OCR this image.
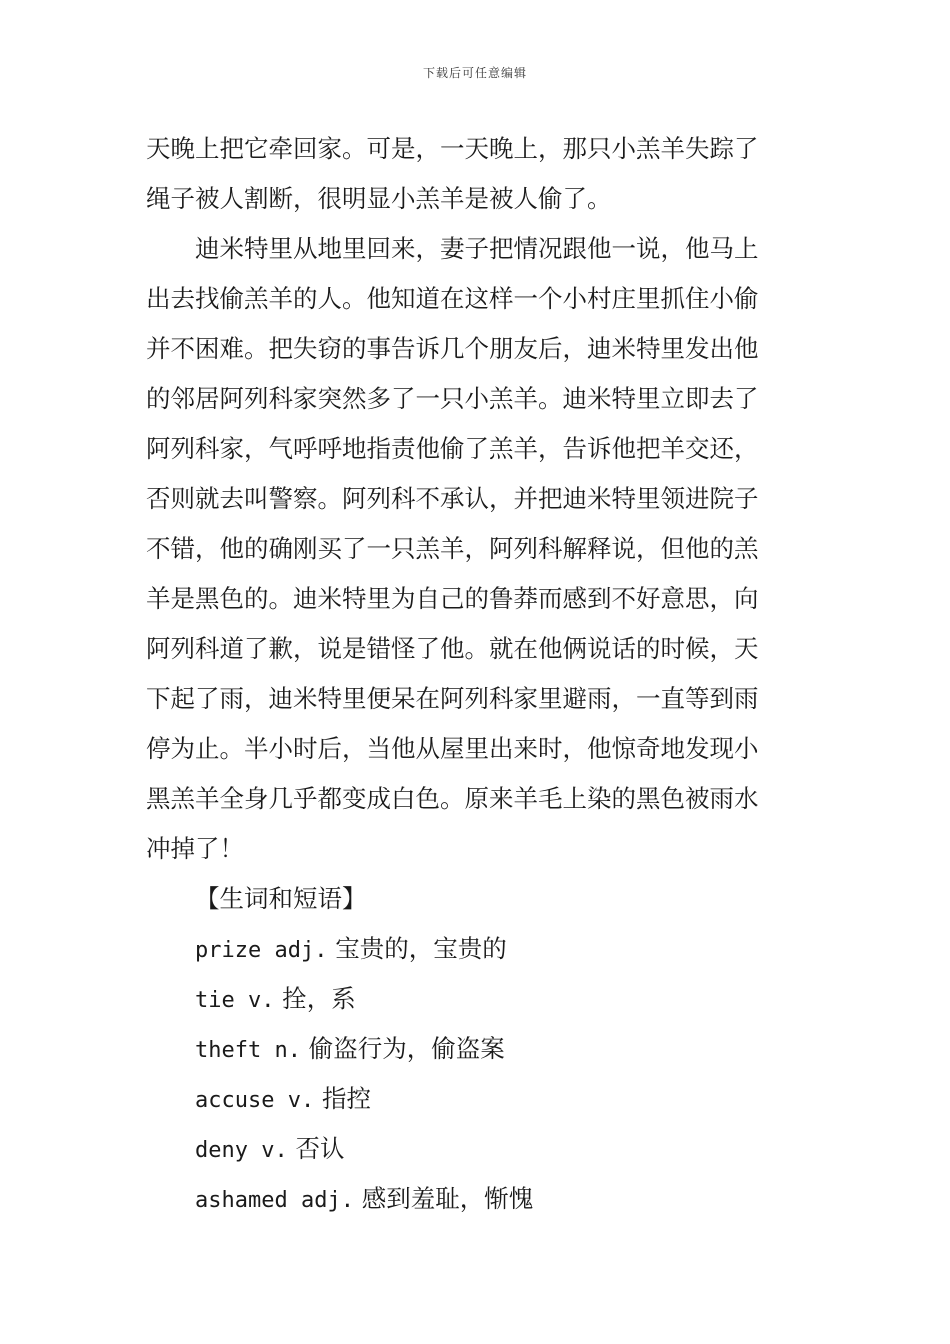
下载后可任意编辑
天晚上把它牵回家。可是，一天晚上，那只小羔羊失踪了
绳子被人割断，很明显小羔羊是被人偷了。
迪米特里从地里回来，妻子把情况跟他一说，他马上
出去找偷羔羊的人。他知道在这样一个小村庄里抓住小偷
并不困难。把失窃的事告诉几个朋友后，迪米特里发出他
的邻居阿列科家突然多了一只小羔羊。迪米特里立即去了
阿列科家，气呼呼地指责他偷了羔羊，告诉他把羊交还，
否则就去叫警察。阿列科不承认，并把迪米特里领进院子
不错，他的确刚买了一只羔羊，阿列科解释说，但他的羔
羊是黑色的。迪米特里为自己的鲁莽而感到不好意思，向
阿列科道了歉，说是错怪了他。就在他俩说话的时候，天
下起了雨，迪米特里便呆在阿列科家里避雨，一直等到雨
停为止。半小时后，当他从屋里出来时，他惊奇地发现小
黑羔羊全身几乎都变成白色。原来羊毛上染的黑色被雨水
冲掉了！
【生词和短语】
prize adj. 宝贵的，宝贵的
tie v. 拴，系
theft n. 偷盗行为，偷盗案
accuse v. 指控
deny v. 否认
ashamed adj. 感到羞耻，惭愧
